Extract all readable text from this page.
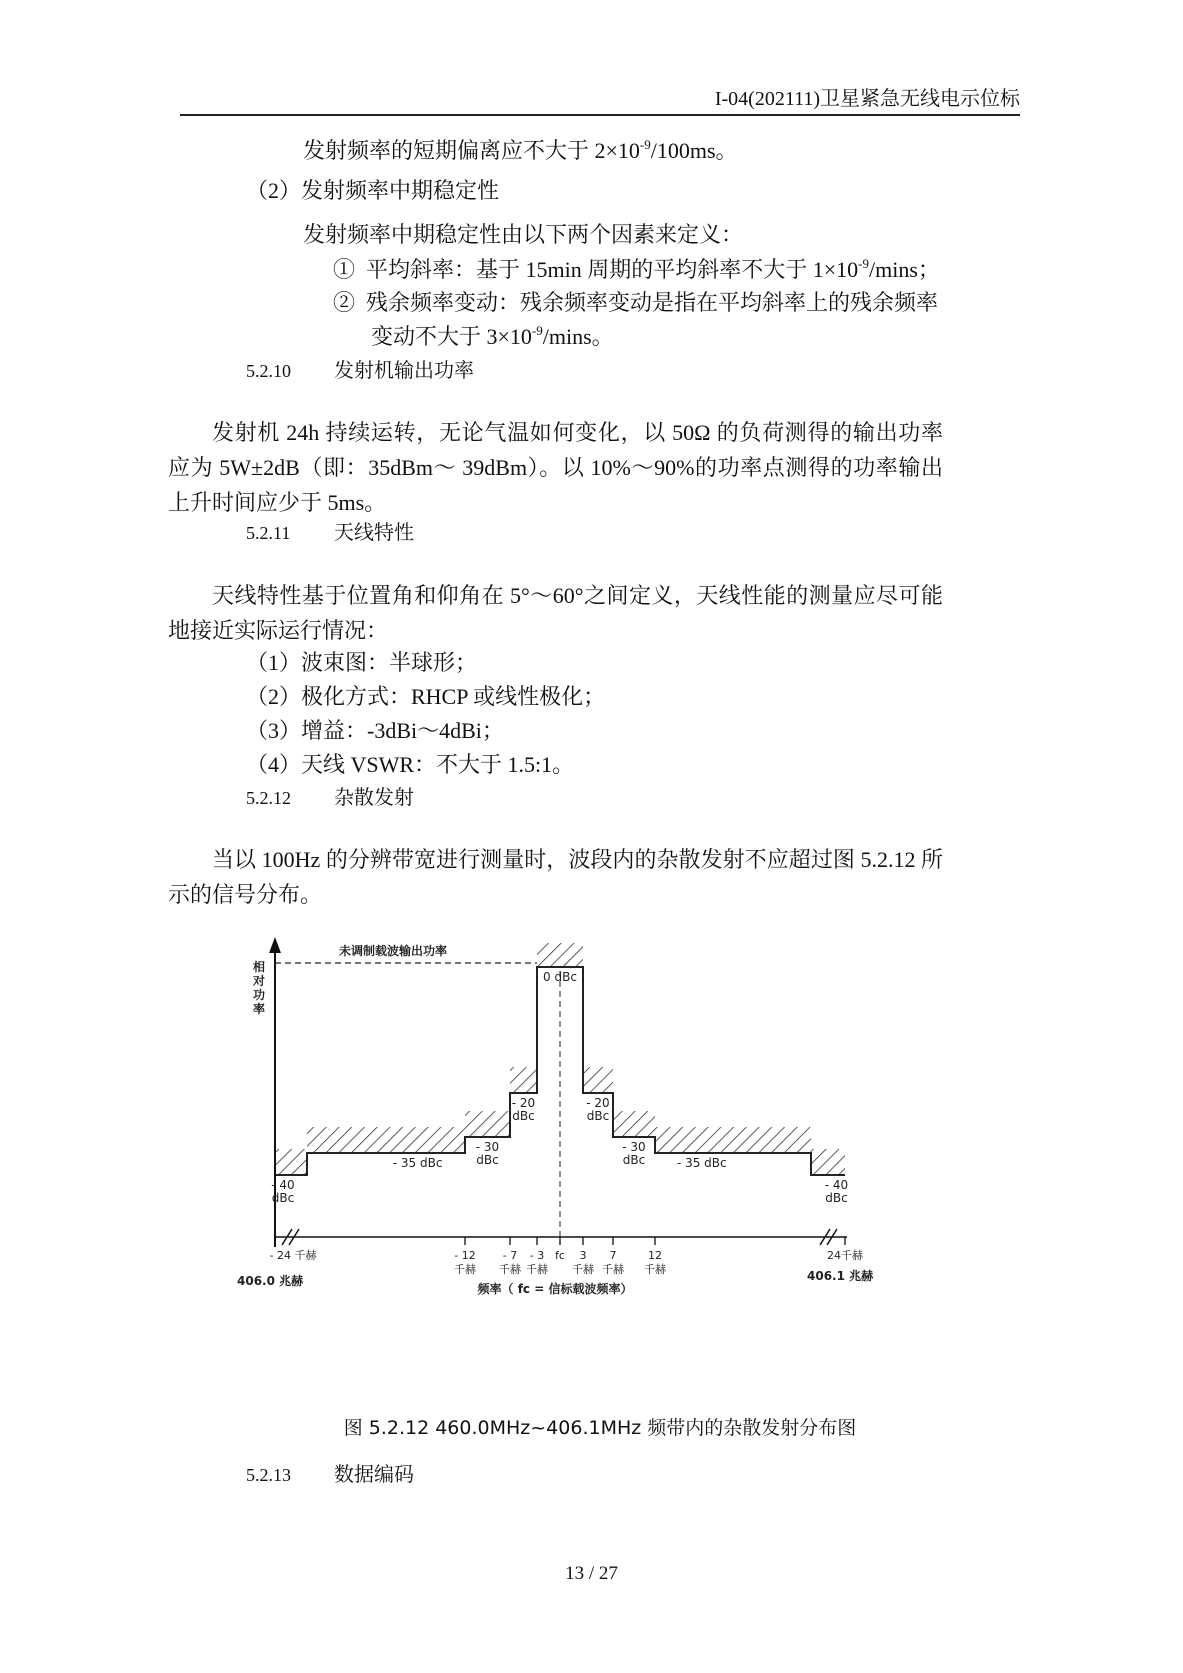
I-04(202111)卫星紧急无线电示位标
发射频率的短期偏离应不大于 $2\times 10^{-9}/100ms$。
（2）发射频率中期稳定性
发射频率中期稳定性由以下两个因素来定义：
① 平均斜率：基于 15min 周期的平均斜率不大于 $1\times 10^{-9}$/mins；
② 残余频率变动：残余频率变动是指在平均斜率上的残余频率
变动不大于 $3\times 10^{-9}$/mins。
5.2.10 发射机输出功率
发射机 24h 持续运转，无论气温如何变化，以 50Ω 的负荷测得的输出功率应为 5W±2dB（即：35dBm～ 39dBm）。以 10%～90%的功率点测得的功率输出上升时间应少于 5ms。
5.2.11 天线特性
天线特性基于位置角和仰角在 5°～60°之间定义，天线性能的测量应尽可能地接近实际运行情况：
（1）波束图：半球形；
（2）极化方式：RHCP 或线性极化；
（3）增益：-3dBi～4dBi；
（4）天线 VSWR：不大于 1.5:1。
5.2.12 杂散发射
当以 100Hz 的分辨带宽进行测量时，波段内的杂散发射不应超过图 5.2.12 所示的信号分布。
- 24 千赫	- 12 千赫
- 7 千赫
- 3 千赫
fc	3 千赫
7 千赫
12 千赫
24千赫
- 40 dBc
- 35 dBc
- 30 dBc
- 20 dBc
0 dBc
- 20 dBc
- 30 dBc	- 35 dBc
- 40 dBc
未调制载波输出功率
相对功率
频率（ fc = 信标载波频率）
406.0 兆赫	406.1 兆赫
图 5.2.12 460.0MHz~406.1MHz 频带内的杂散发射分布图
5.2.13 数据编码
13 / 27
